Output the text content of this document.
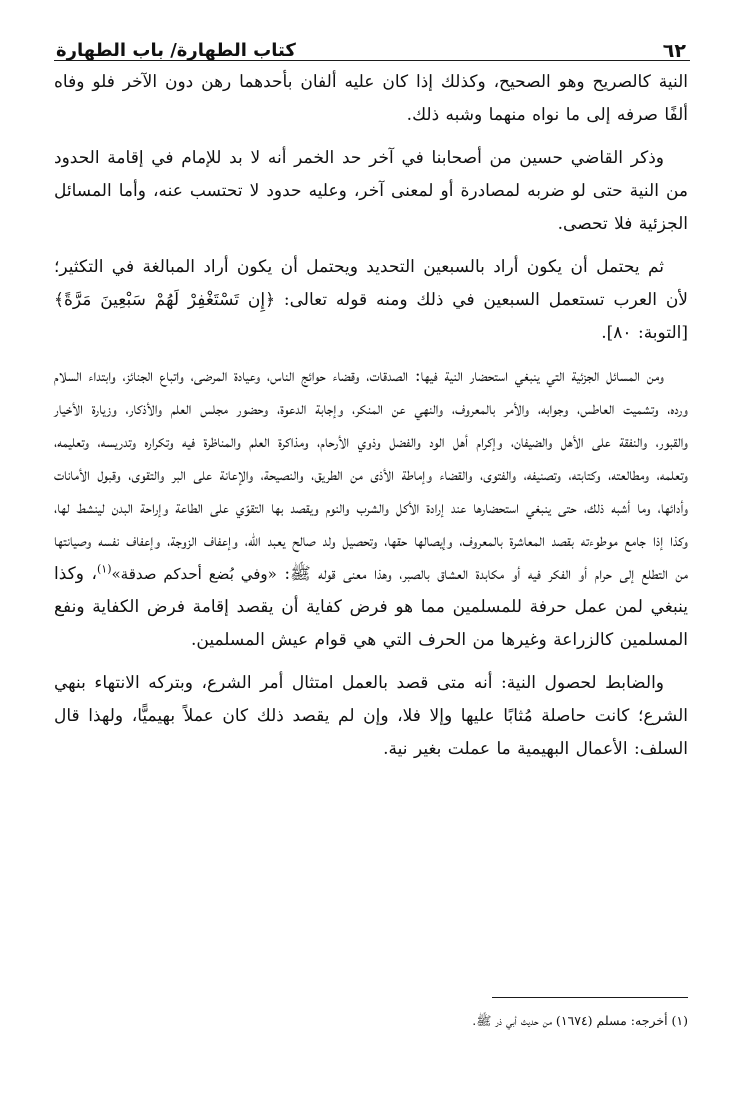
٦٢
كتاب الطهارة/ باب الطهارة

النية كالصريح وهو الصحيح، وكذلك إذا كان عليه ألفان بأحدهما رهن دون الآخر فلو وفاه ألفًا صرفه إلى ما نواه منهما وشبه ذلك.

وذكر القاضي حسين من أصحابنا في آخر حد الخمر أنه لا بد للإمام في إقامة الحدود من النية حتى لو ضربه لمصادرة أو لمعنى آخر، وعليه حدود لا تحتسب عنه، وأما المسائل الجزئية فلا تحصى.

ثم يحتمل أن يكون أراد بالسبعين التحديد ويحتمل أن يكون أراد المبالغة في التكثير؛ لأن العرب تستعمل السبعين في ذلك ومنه قوله تعالى: ﴿إِن تَسْتَغْفِرْ لَهُمْ سَبْعِينَ مَرَّةً﴾ [التوبة: ٨٠].

ومن المسائل الجزئية التي ينبغي استحضار النية فيها: الصدقات، وقضاء حوائج الناس، وعيادة المرضى، واتباع الجنائز، وابتداء السلام ورده، وتشميت العاطس، وجوابه، والأمر بالمعروف، والنهي عن المنكر، وإجابة الدعوة، وحضور مجلس العلم والأذكار، وزيارة الأخيار والقبور، والنفقة على الأهل والضيفان، وإكرام أهل الود والفضل وذوي الأرحام، ومذاكرة العلم والمناظرة فيه وتكراره وتدريسه، وتعليمه، وتعلمه، ومطالعته، وكتابته، وتصنيفه، والفتوى، والقضاء وإماطة الأذى من الطريق، والنصيحة، والإعانة على البر والتقوى، وقبول الأمانات وأدائها، وما أشبه ذلك، حتى ينبغي استحضارها عند إرادة الأكل والشرب والنوم ويقصد بها التقوّي على الطاعة وإراحة البدن لينشط لها، وكذا إذا جامع موطوءته بقصد المعاشرة بالمعروف، وإيصالها حقها، وتحصيل ولد صالح يعبد الله، وإعفاف الزوجة، وإعفاف نفسه وصيانتها من التطلع إلى حرام أو الفكر فيه أو مكابدة العشاق بالصبر، وهذا معنى قوله ﷺ: «وفي بُضع أحدكم صدقة»$^{(١)}$، وكذا ينبغي لمن عمل حرفة للمسلمين مما هو فرض كفاية أن يقصد إقامة فرض الكفاية ونفع المسلمين كالزراعة وغيرها من الحرف التي هي قوام عيش المسلمين.

والضابط لحصول النية: أنه متى قصد بالعمل امتثال أمر الشرع، وبتركه الانتهاء بنهي الشرع؛ كانت حاصلة مُثابًا عليها وإلا فلا، وإن لم يقصد ذلك كان عملاً بهيميًّا، ولهذا قال السلف: الأعمال البهيمية ما عملت بغير نية.

(١) أخرجه: مسلم (١٦٧٤) من حديث أبي ذر ﷺ.
